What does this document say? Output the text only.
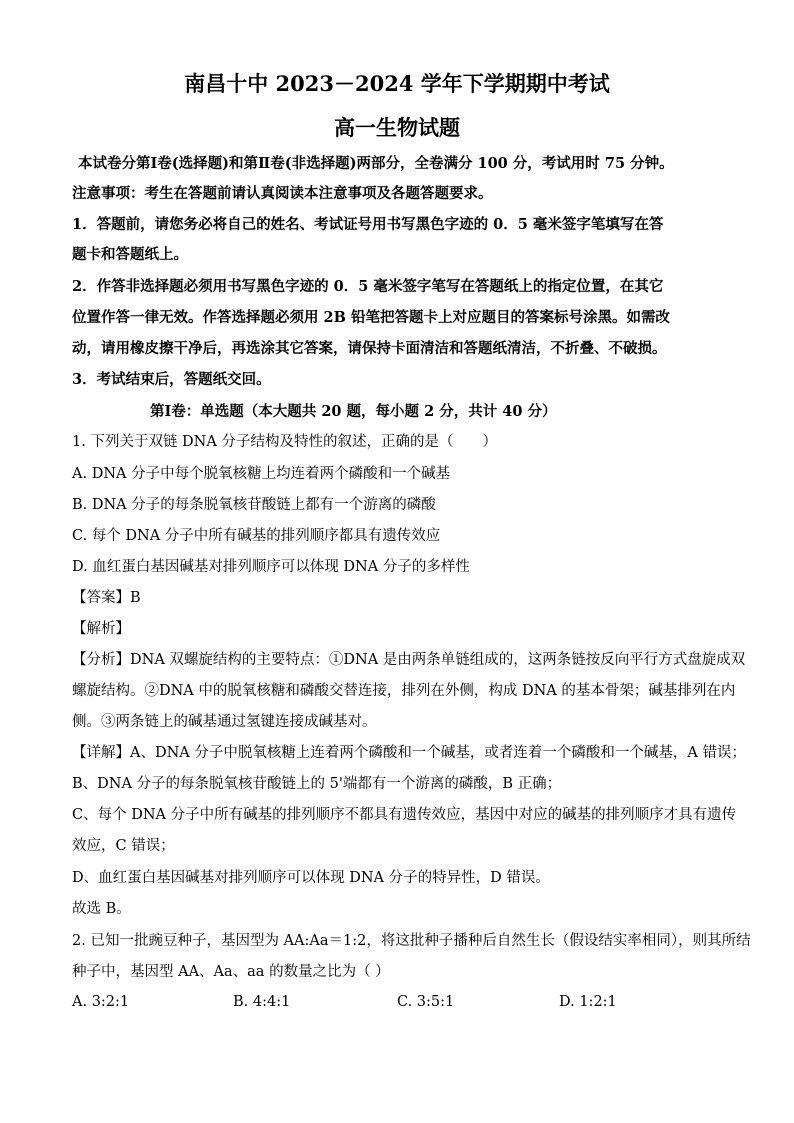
南昌十中 2023－2024 学年下学期期中考试
高一生物试题
本试卷分第Ⅰ卷(选择题)和第Ⅱ卷(非选择题)两部分，全卷满分 100 分，考试用时 75 分钟。
注意事项：考生在答题前请认真阅读本注意事项及各题答题要求。
1．答题前，请您务必将自己的姓名、考试证号用书写黑色字迹的 0．5 毫米签字笔填写在答
题卡和答题纸上。
2．作答非选择题必须用书写黑色字迹的 0．5 毫米签字笔写在答题纸上的指定位置，在其它
位置作答一律无效。作答选择题必须用 2B 铅笔把答题卡上对应题目的答案标号涂黑。如需改
动，请用橡皮擦干净后，再选涂其它答案，请保持卡面清洁和答题纸清洁，不折叠、不破损。
3．考试结束后，答题纸交回。
第Ⅰ卷：单选题（本大题共 20 题，每小题 2 分，共计 40 分）
1. 下列关于双链 DNA 分子结构及特性的叙述，正确的是（　　）
A. DNA 分子中每个脱氧核糖上均连着两个磷酸和一个碱基
B. DNA 分子的每条脱氧核苷酸链上都有一个游离的磷酸
C. 每个 DNA 分子中所有碱基的排列顺序都具有遗传效应
D. 血红蛋白基因碱基对排列顺序可以体现 DNA 分子的多样性
【答案】B
【解析】
【分析】DNA 双螺旋结构的主要特点：①DNA 是由两条单链组成的，这两条链按反向平行方式盘旋成双
螺旋结构。②DNA 中的脱氧核糖和磷酸交替连接，排列在外侧，构成 DNA 的基本骨架；碱基排列在内
侧。③两条链上的碱基通过氢键连接成碱基对。
【详解】A、DNA 分子中脱氧核糖上连着两个磷酸和一个碱基，或者连着一个磷酸和一个碱基，A 错误；
B、DNA 分子的每条脱氧核苷酸链上的 5'端都有一个游离的磷酸，B 正确；
C、每个 DNA 分子中所有碱基的排列顺序不都具有遗传效应，基因中对应的碱基的排列顺序才具有遗传
效应，C 错误；
D、血红蛋白基因碱基对排列顺序可以体现 DNA 分子的特异性，D 错误。
故选 B。
2. 已知一批豌豆种子，基因型为 AA:Aa＝1:2，将这批种子播种后自然生长（假设结实率相同），则其所结
种子中，基因型 AA、Aa、aa 的数量之比为（ ）
A. 3:2:1	B. 4:4:1	C. 3:5:1	D. 1:2:1
